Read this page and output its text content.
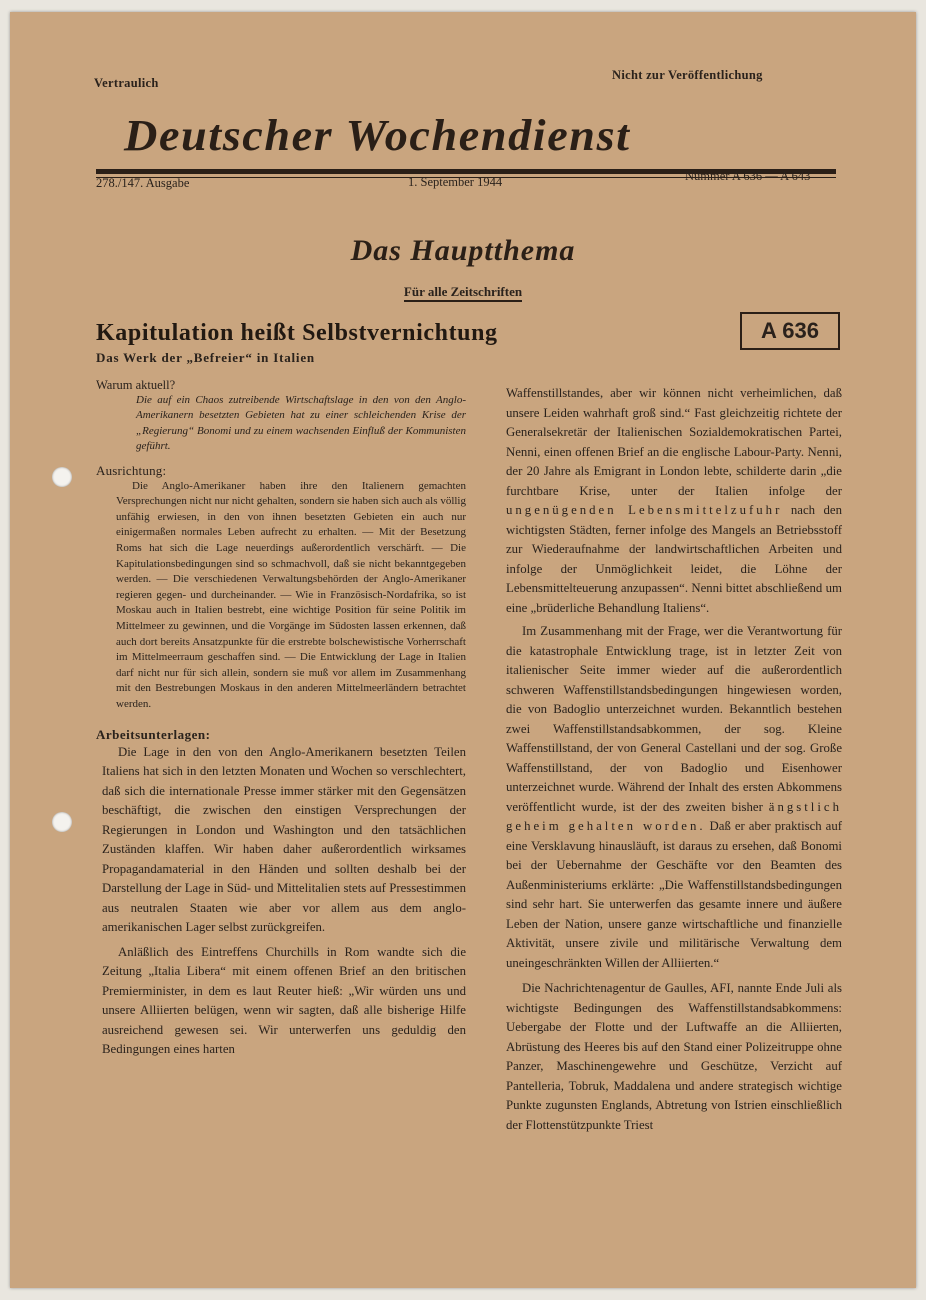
Vertraulich
Nicht zur Veröffentlichung
Deutscher Wochendienst
278./147. Ausgabe	1. September 1944	Nummer A 636 — A 643
Das Hauptthema
Für alle Zeitschriften
Kapitulation heißt Selbstvernichtung
Das Werk der „Befreier“ in Italien
A 636

Warum aktuell?

Die auf ein Chaos zutreibende Wirtschaftslage in den von den Anglo-Amerikanern besetzten Gebieten hat zu einer schleichenden Krise der „Regierung“ Bonomi und zu einem wachsenden Einfluß der Kommunisten geführt.

Ausrichtung:

Die Anglo-Amerikaner haben ihre den Italienern gemachten Versprechungen nicht nur nicht gehalten, sondern sie haben sich auch als völlig unfähig erwiesen, in den von ihnen besetzten Gebieten ein auch nur einigermaßen normales Leben aufrecht zu erhalten. — Mit der Besetzung Roms hat sich die Lage neuerdings außerordentlich verschärft. — Die Kapitulationsbedingungen sind so schmachvoll, daß sie nicht bekanntgegeben werden. — Die verschiedenen Verwaltungsbehörden der Anglo-Amerikaner regieren gegen- und durcheinander. — Wie in Französisch-Nordafrika, so ist Moskau auch in Italien bestrebt, eine wichtige Position für seine Politik im Mittelmeer zu gewinnen, und die Vorgänge im Südosten lassen erkennen, daß auch dort bereits Ansatzpunkte für die erstrebte bolschewistische Vorherrschaft im Mittelmeerraum geschaffen sind. — Die Entwicklung der Lage in Italien darf nicht nur für sich allein, sondern sie muß vor allem im Zusammenhang mit den Bestrebungen Moskaus in den anderen Mittelmeerländern betrachtet werden.

Arbeitsunterlagen:

Die Lage in den von den Anglo-Amerikanern besetzten Teilen Italiens hat sich in den letzten Monaten und Wochen so verschlechtert, daß sich die internationale Presse immer stärker mit den Gegensätzen beschäftigt, die zwischen den einstigen Versprechungen der Regierungen in London und Washington und den tatsächlichen Zuständen klaffen. Wir haben daher außerordentlich wirksames Propagandamaterial in den Händen und sollten deshalb bei der Darstellung der Lage in Süd- und Mittelitalien stets auf Pressestimmen aus neutralen Staaten wie aber vor allem aus dem anglo-amerikanischen Lager selbst zurückgreifen.

Anläßlich des Eintreffens Churchills in Rom wandte sich die Zeitung „Italia Libera“ mit einem offenen Brief an den britischen Premierminister, in dem es laut Reuter hieß: „Wir würden uns und unsere Alliierten belügen, wenn wir sagten, daß alle bisherige Hilfe ausreichend gewesen sei. Wir unterwerfen uns geduldig den Bedingungen eines harten

Waffenstillstandes, aber wir können nicht verheimlichen, daß unsere Leiden wahrhaft groß sind.“ Fast gleichzeitig richtete der Generalsekretär der Italienischen Sozialdemokratischen Partei, Nenni, einen offenen Brief an die englische Labour-Party. Nenni, der 20 Jahre als Emigrant in London lebte, schilderte darin „die furchtbare Krise, unter der Italien infolge der ungenügenden Lebensmittelzufuhr nach den wichtigsten Städten, ferner infolge des Mangels an Betriebsstoff zur Wiederaufnahme der landwirtschaftlichen Arbeiten und infolge der Unmöglichkeit leidet, die Löhne der Lebensmittelteuerung anzupassen“. Nenni bittet abschließend um eine „brüderliche Behandlung Italiens“.

Im Zusammenhang mit der Frage, wer die Verantwortung für die katastrophale Entwicklung trage, ist in letzter Zeit von italienischer Seite immer wieder auf die außerordentlich schweren Waffenstillstandsbedingungen hingewiesen worden, die von Badoglio unterzeichnet wurden. Bekanntlich bestehen zwei Waffenstillstandsabkommen, der sog. Kleine Waffenstillstand, der von General Castellani und der sog. Große Waffenstillstand, der von Badoglio und Eisenhower unterzeichnet wurde. Während der Inhalt des ersten Abkommens veröffentlicht wurde, ist der des zweiten bisher ängstlich geheim gehalten worden. Daß er aber praktisch auf eine Versklavung hinausläuft, ist daraus zu ersehen, daß Bonomi bei der Uebernahme der Geschäfte vor den Beamten des Außenministeriums erklärte: „Die Waffenstillstandsbedingungen sind sehr hart. Sie unterwerfen das gesamte innere und äußere Leben der Nation, unsere ganze wirtschaftliche und finanzielle Aktivität, unsere zivile und militärische Verwaltung dem uneingeschränkten Willen der Alliierten.“

Die Nachrichtenagentur de Gaulles, AFI, nannte Ende Juli als wichtigste Bedingungen des Waffenstillstandsabkommens: Uebergabe der Flotte und der Luftwaffe an die Alliierten, Abrüstung des Heeres bis auf den Stand einer Polizeitruppe ohne Panzer, Maschinengewehre und Geschütze, Verzicht auf Pantelleria, Tobruk, Maddalena und andere strategisch wichtige Punkte zugunsten Englands, Abtretung von Istrien einschließlich der Flottenstützpunkte Triest
